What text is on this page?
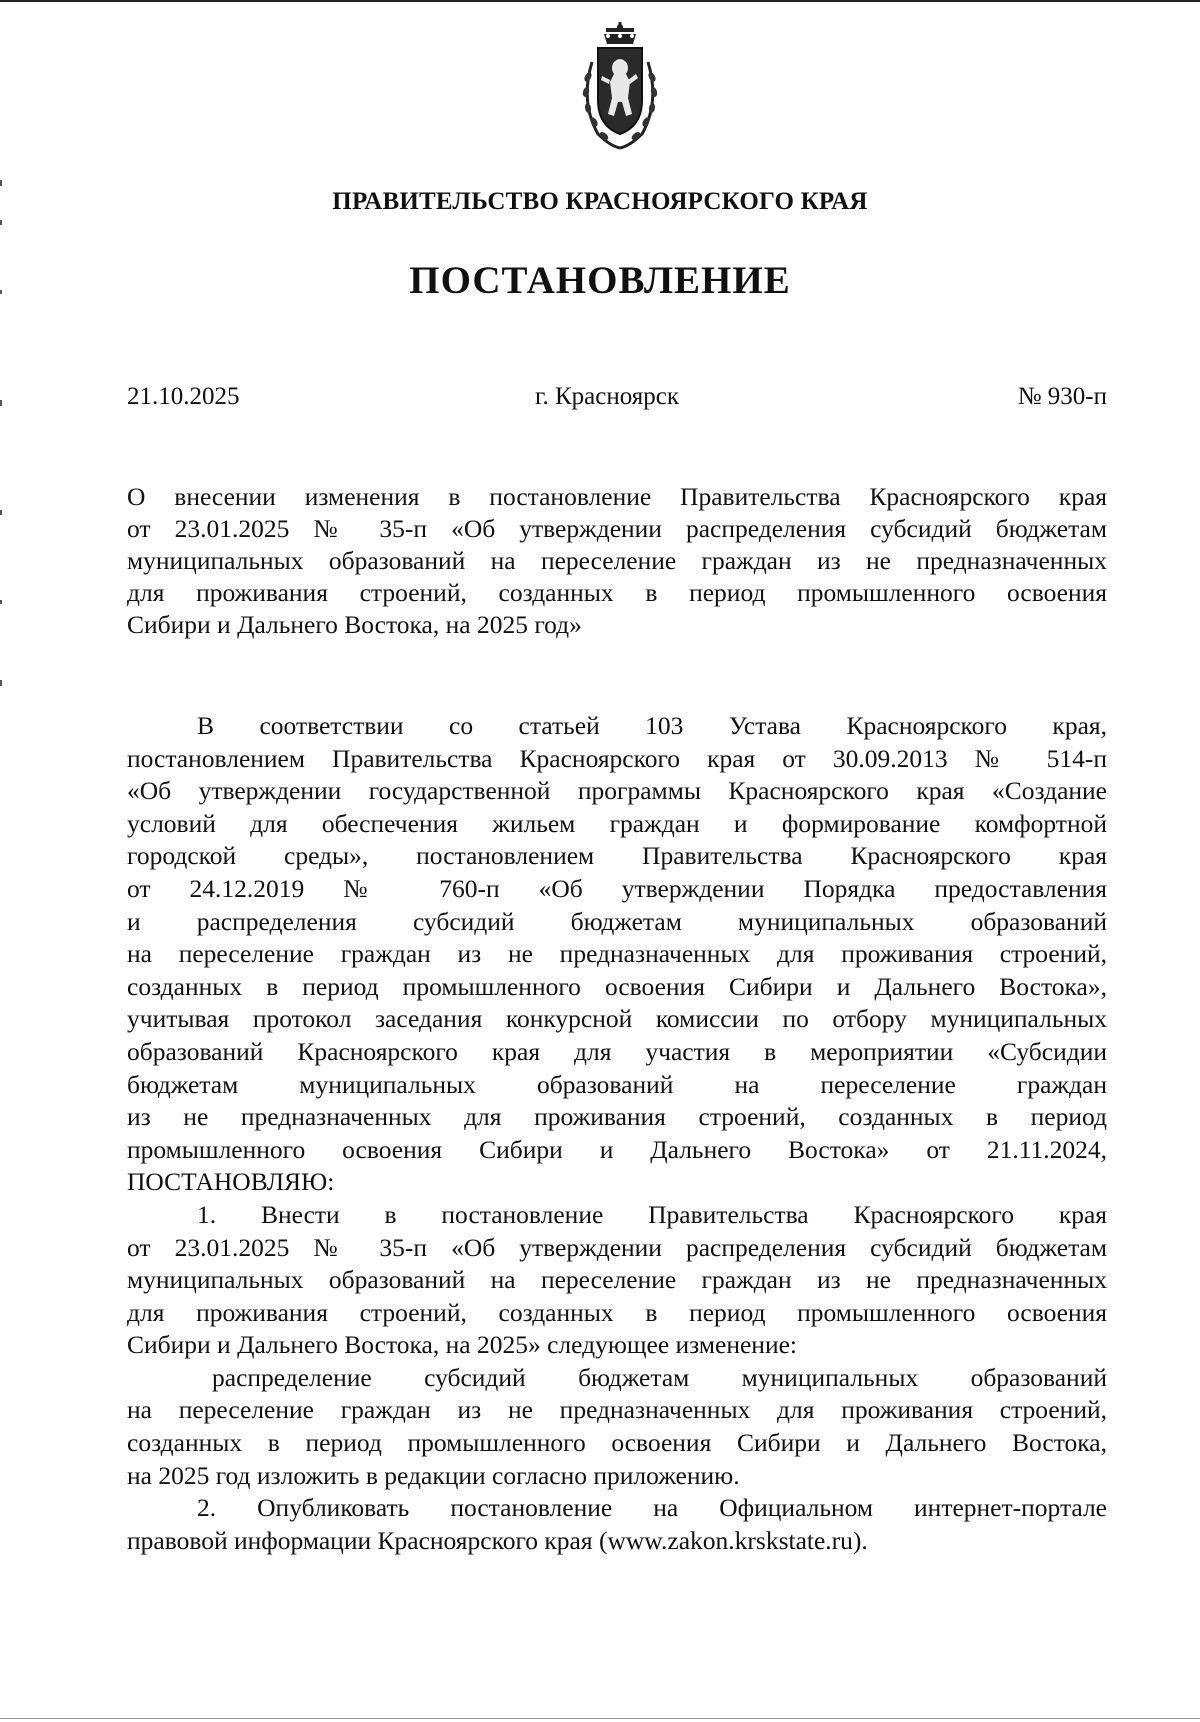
ПРАВИТЕЛЬСТВО КРАСНОЯРСКОГО КРАЯ
ПОСТАНОВЛЕНИЕ
21.10.2025	г. Красноярск	№ 930-п
О внесении изменения в постановление Правительства Красноярского края
от 23.01.2025 № 35-п «Об утверждении распределения субсидий бюджетам
муниципальных образований на переселение граждан из не предназначенных
для проживания строений, созданных в период промышленного освоения
Сибири и Дальнего Востока, на 2025 год»
В соответствии со статьей 103 Устава Красноярского края,
постановлением Правительства Красноярского края от 30.09.2013 № 514-п
«Об утверждении государственной программы Красноярского края «Создание
условий для обеспечения жильем граждан и формирование комфортной
городской среды», постановлением Правительства Красноярского края
от 24.12.2019 № 760-п «Об утверждении Порядка предоставления
и распределения субсидий бюджетам муниципальных образований
на переселение граждан из не предназначенных для проживания строений,
созданных в период промышленного освоения Сибири и Дальнего Востока»,
учитывая протокол заседания конкурсной комиссии по отбору муниципальных
образований Красноярского края для участия в мероприятии «Субсидии
бюджетам муниципальных образований на переселение граждан
из не предназначенных для проживания строений, созданных в период
промышленного освоения Сибири и Дальнего Востока» от 21.11.2024,
ПОСТАНОВЛЯЮ:
1. Внести в постановление Правительства Красноярского края
от 23.01.2025 № 35-п «Об утверждении распределения субсидий бюджетам
муниципальных образований на переселение граждан из не предназначенных
для проживания строений, созданных в период промышленного освоения
Сибири и Дальнего Востока, на 2025» следующее изменение:
распределение субсидий бюджетам муниципальных образований
на переселение граждан из не предназначенных для проживания строений,
созданных в период промышленного освоения Сибири и Дальнего Востока,
на 2025 год изложить в редакции согласно приложению.
2. Опубликовать постановление на Официальном интернет-портале
правовой информации Красноярского края (www.zakon.krskstate.ru).
